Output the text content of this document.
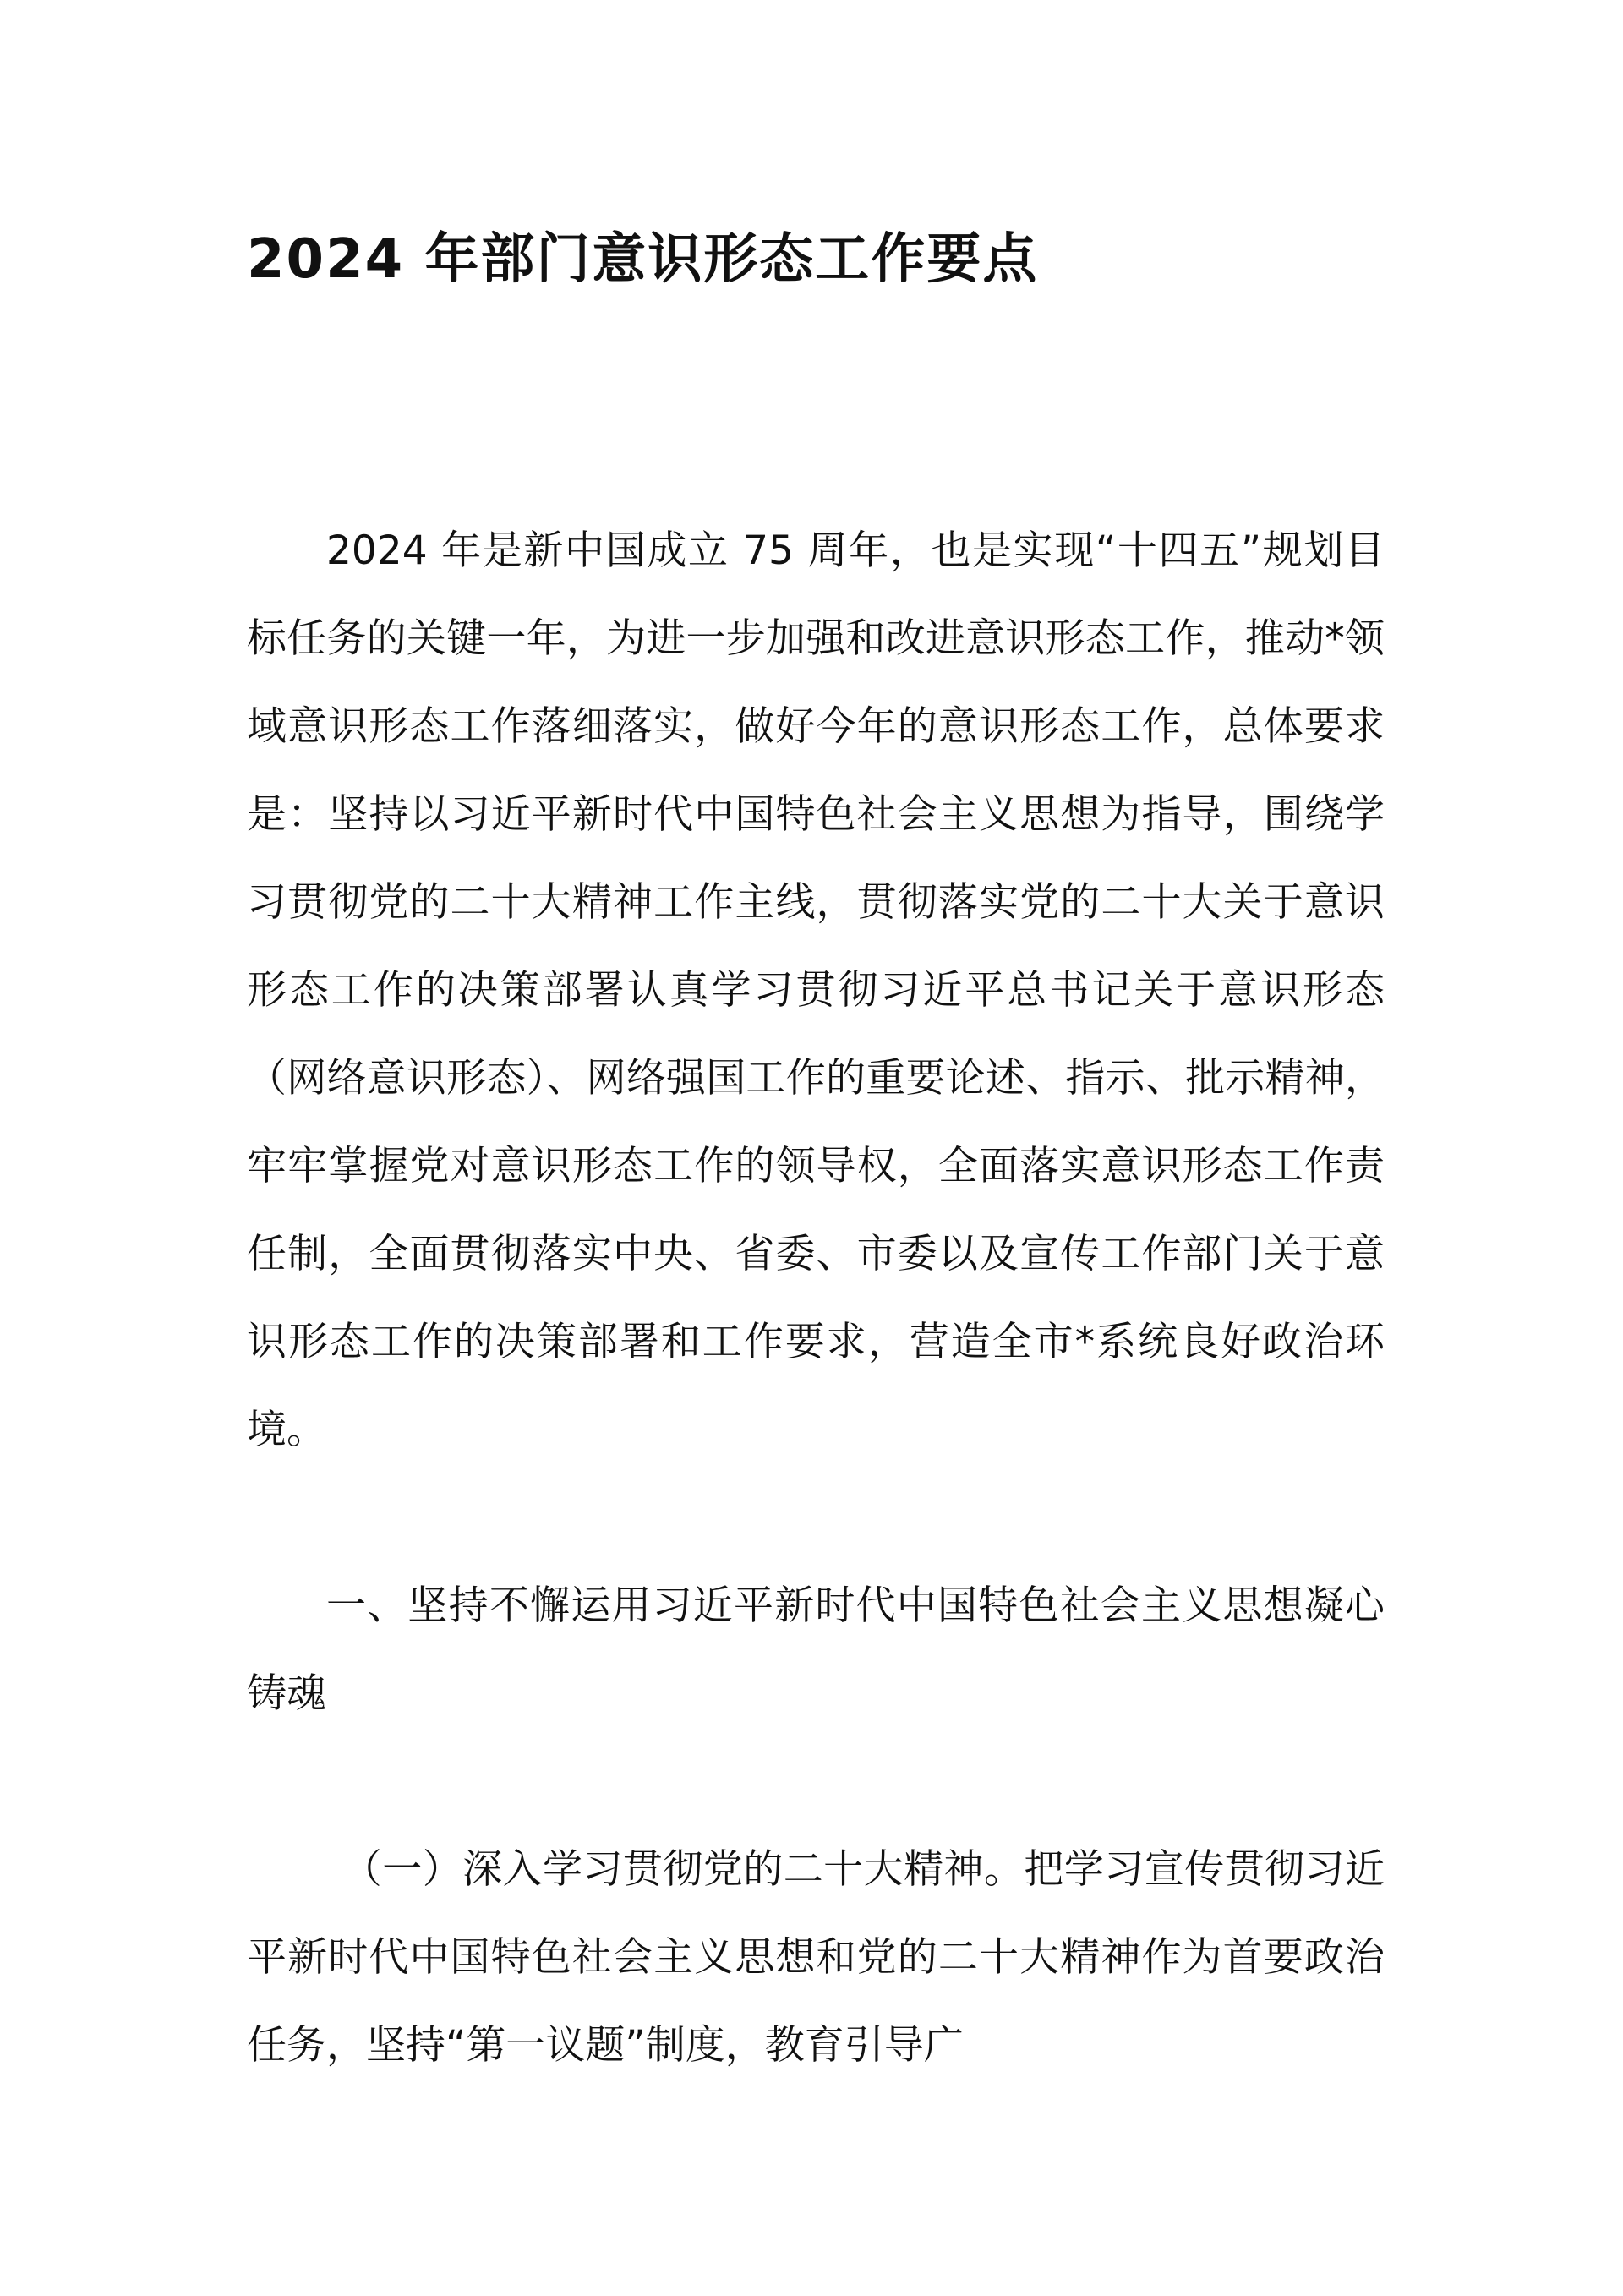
2024 年部门意识形态工作要点

2024 年是新中国成立 75 周年，也是实现“十四五”规划目标任务的关键一年，为进一步加强和改进意识形态工作，推动*领域意识形态工作落细落实，做好今年的意识形态工作，总体要求是：坚持以习近平新时代中国特色社会主义思想为指导，围绕学习贯彻党的二十大精神工作主线，贯彻落实党的二十大关于意识形态工作的决策部署认真学习贯彻习近平总书记关于意识形态（网络意识形态）、网络强国工作的重要论述、指示、批示精神，牢牢掌握党对意识形态工作的领导权，全面落实意识形态工作责任制，全面贯彻落实中央、省委、市委以及宣传工作部门关于意识形态工作的决策部署和工作要求，营造全市*系统良好政治环境。

一、坚持不懈运用习近平新时代中国特色社会主义思想凝心铸魂

（一）深入学习贯彻党的二十大精神。把学习宣传贯彻习近平新时代中国特色社会主义思想和党的二十大精神作为首要政治任务，坚持“第一议题”制度，教育引导广
